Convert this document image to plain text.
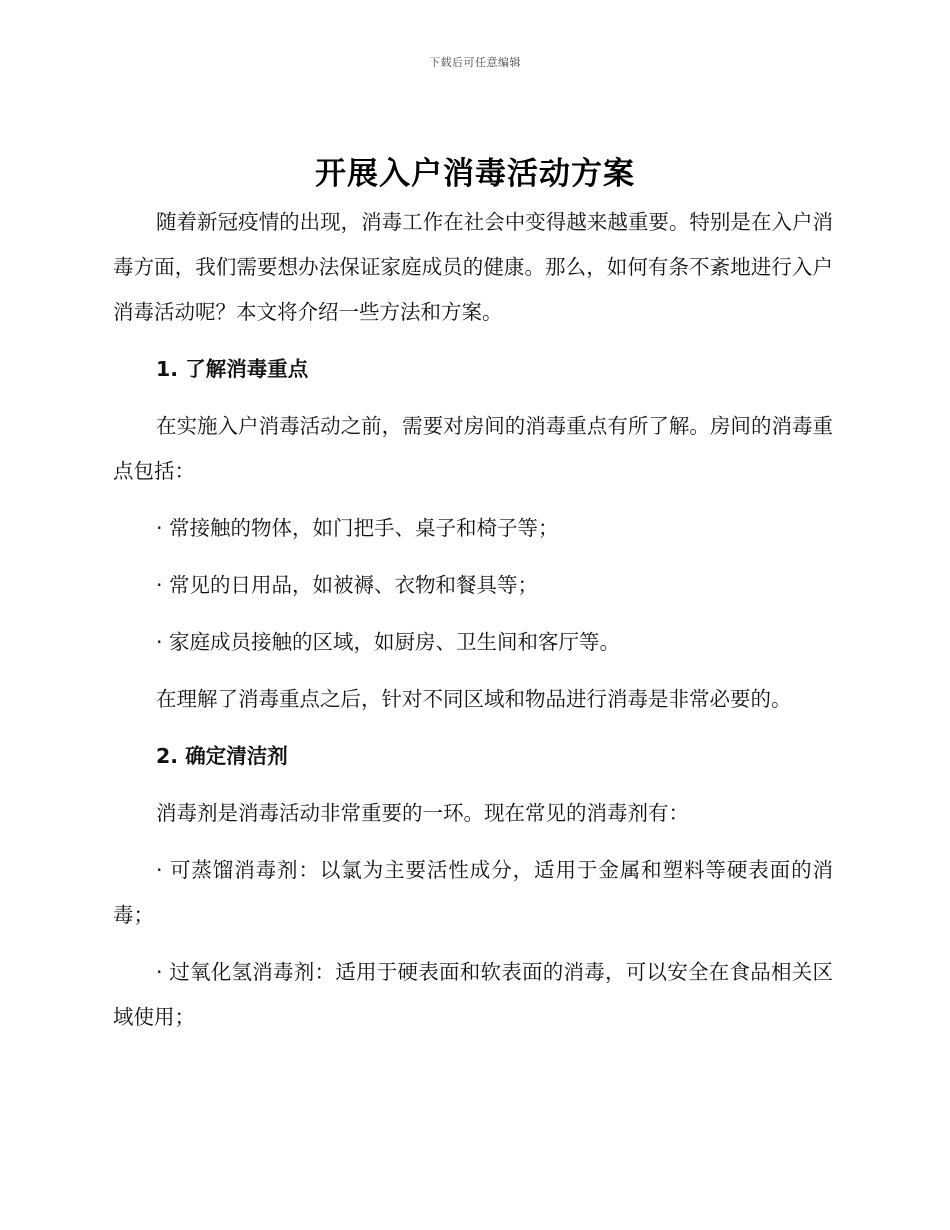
下载后可任意编辑
开展入户消毒活动方案

随着新冠疫情的出现，消毒工作在社会中变得越来越重要。特别是在入户消毒方面，我们需要想办法保证家庭成员的健康。那么，如何有条不紊地进行入户消毒活动呢？本文将介绍一些方法和方案。

1. 了解消毒重点

在实施入户消毒活动之前，需要对房间的消毒重点有所了解。房间的消毒重点包括：

· 常接触的物体，如门把手、桌子和椅子等；

· 常见的日用品，如被褥、衣物和餐具等；

· 家庭成员接触的区域，如厨房、卫生间和客厅等。

在理解了消毒重点之后，针对不同区域和物品进行消毒是非常必要的。

2. 确定清洁剂

消毒剂是消毒活动非常重要的一环。现在常见的消毒剂有：

· 可蒸馏消毒剂：以氯为主要活性成分，适用于金属和塑料等硬表面的消毒；

· 过氧化氢消毒剂：适用于硬表面和软表面的消毒，可以安全在食品相关区域使用；
